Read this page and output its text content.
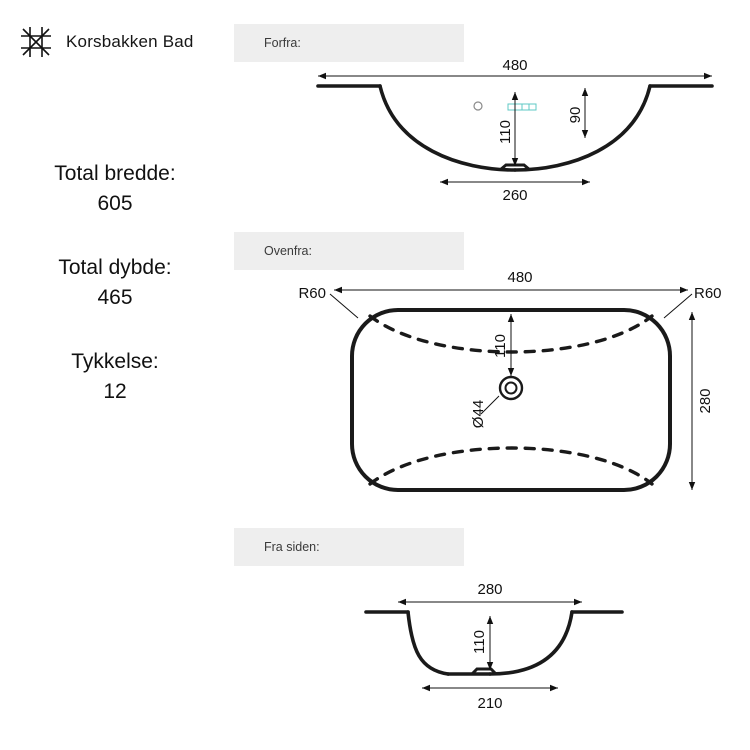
Korsbakken Bad
Total bredde:
605
Total dybde:
465
Tykkelse:
12
Forfra:
480
110
90
260
Ovenfra:
480
R60	R60
110
Ø44	280
Fra siden:
280
110
210
